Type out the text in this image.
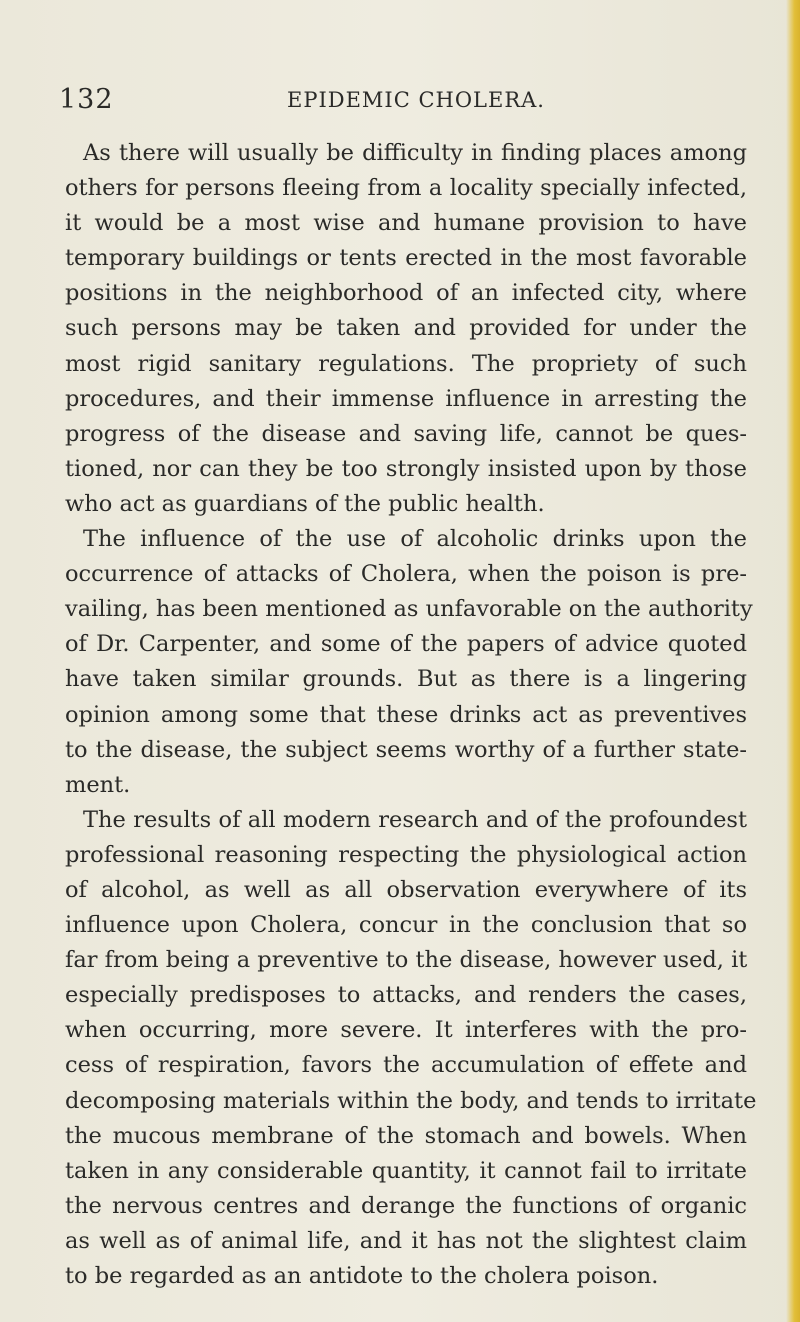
132	EPIDEMIC CHOLERA.
As there will usually be difficulty in finding places among
others for persons fleeing from a locality specially infected,
it would be a most wise and humane provision to have
temporary buildings or tents erected in the most favorable
positions in the neighborhood of an infected city, where
such persons may be taken and provided for under the
most rigid sanitary regulations. The propriety of such
procedures, and their immense influence in arresting the
progress of the disease and saving life, cannot be ques-
tioned, nor can they be too strongly insisted upon by those
who act as guardians of the public health.
The influence of the use of alcoholic drinks upon the
occurrence of attacks of Cholera, when the poison is pre-
vailing, has been mentioned as unfavorable on the authority
of Dr. Carpenter, and some of the papers of advice quoted
have taken similar grounds. But as there is a lingering
opinion among some that these drinks act as preventives
to the disease, the subject seems worthy of a further state-
ment.
The results of all modern research and of the profoundest
professional reasoning respecting the physiological action
of alcohol, as well as all observation everywhere of its
influence upon Cholera, concur in the conclusion that so
far from being a preventive to the disease, however used, it
especially predisposes to attacks, and renders the cases,
when occurring, more severe. It interferes with the pro-
cess of respiration, favors the accumulation of effete and
decomposing materials within the body, and tends to irritate
the mucous membrane of the stomach and bowels. When
taken in any considerable quantity, it cannot fail to irritate
the nervous centres and derange the functions of organic
as well as of animal life, and it has not the slightest claim
to be regarded as an antidote to the cholera poison.
